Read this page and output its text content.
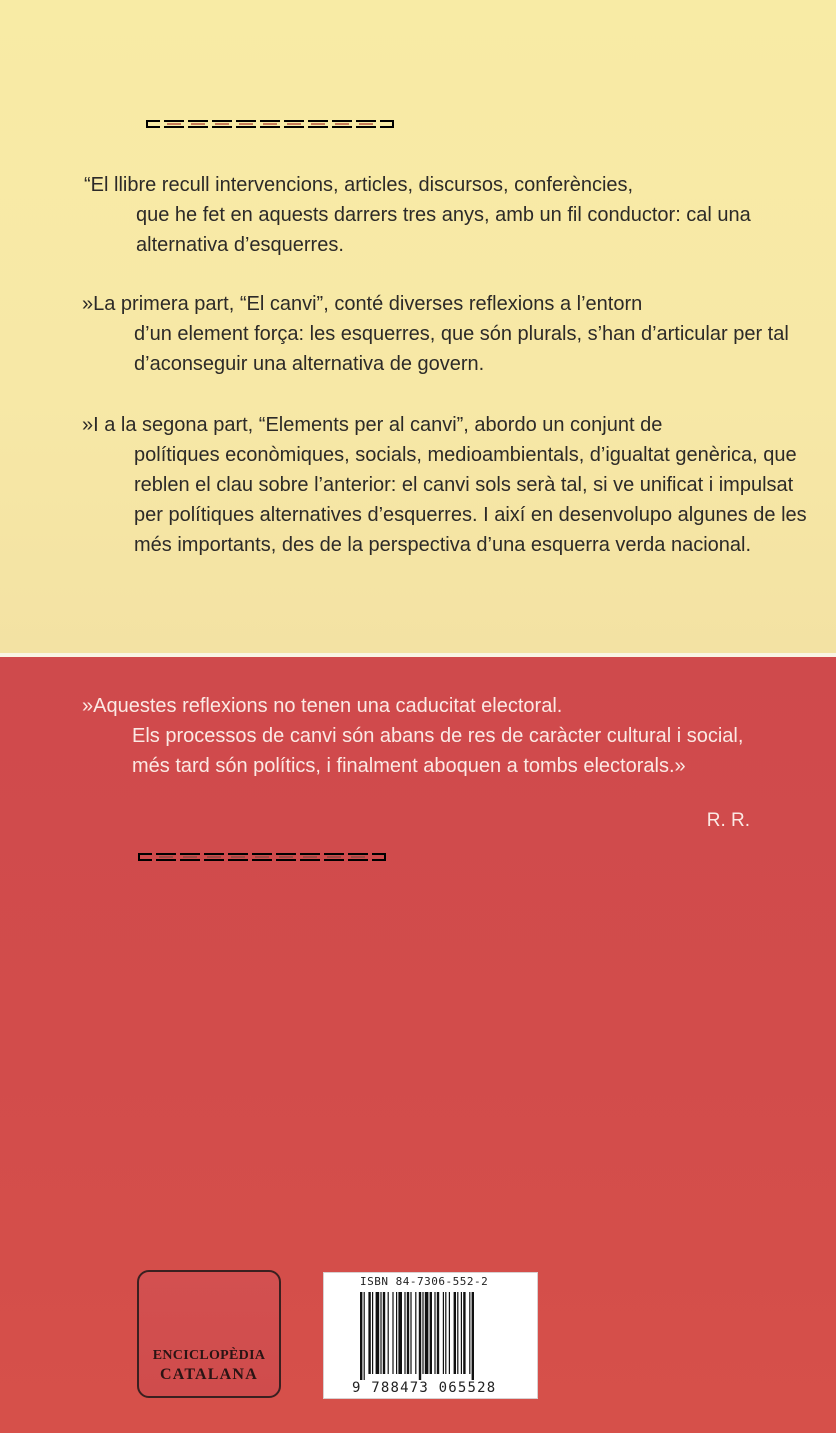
“El llibre recull intervencions, articles, discursos, conferències,
que he fet en aquests darrers tres anys, amb un fil conductor: cal una alternativa d’esquerres.

»La primera part, “El canvi”, conté diverses reflexions a l’entorn
d’un element força: les esquerres, que són plurals, s’han d’articular per tal d’aconseguir una alternativa de govern.

»I a la segona part, “Elements per al canvi”, abordo un conjunt de
polítiques econòmiques, socials, medioambientals, d’igualtat genèrica, que reblen el clau sobre l’anterior: el canvi sols serà tal, si ve unificat i impulsat per polítiques alternatives d’esquerres. I així en desenvolupo algunes de les més importants, des de la perspectiva d’una esquerra verda nacional.

»Aquestes reflexions no tenen una caducitat electoral.
Els processos de canvi són abans de res de caràcter cultural i social, més tard són polítics, i finalment aboquen a tombs electorals.»

R. R.
ENCICLOPÈDIA
CATALANA
ISBN 84-7306-552-2
9 788473 065528
